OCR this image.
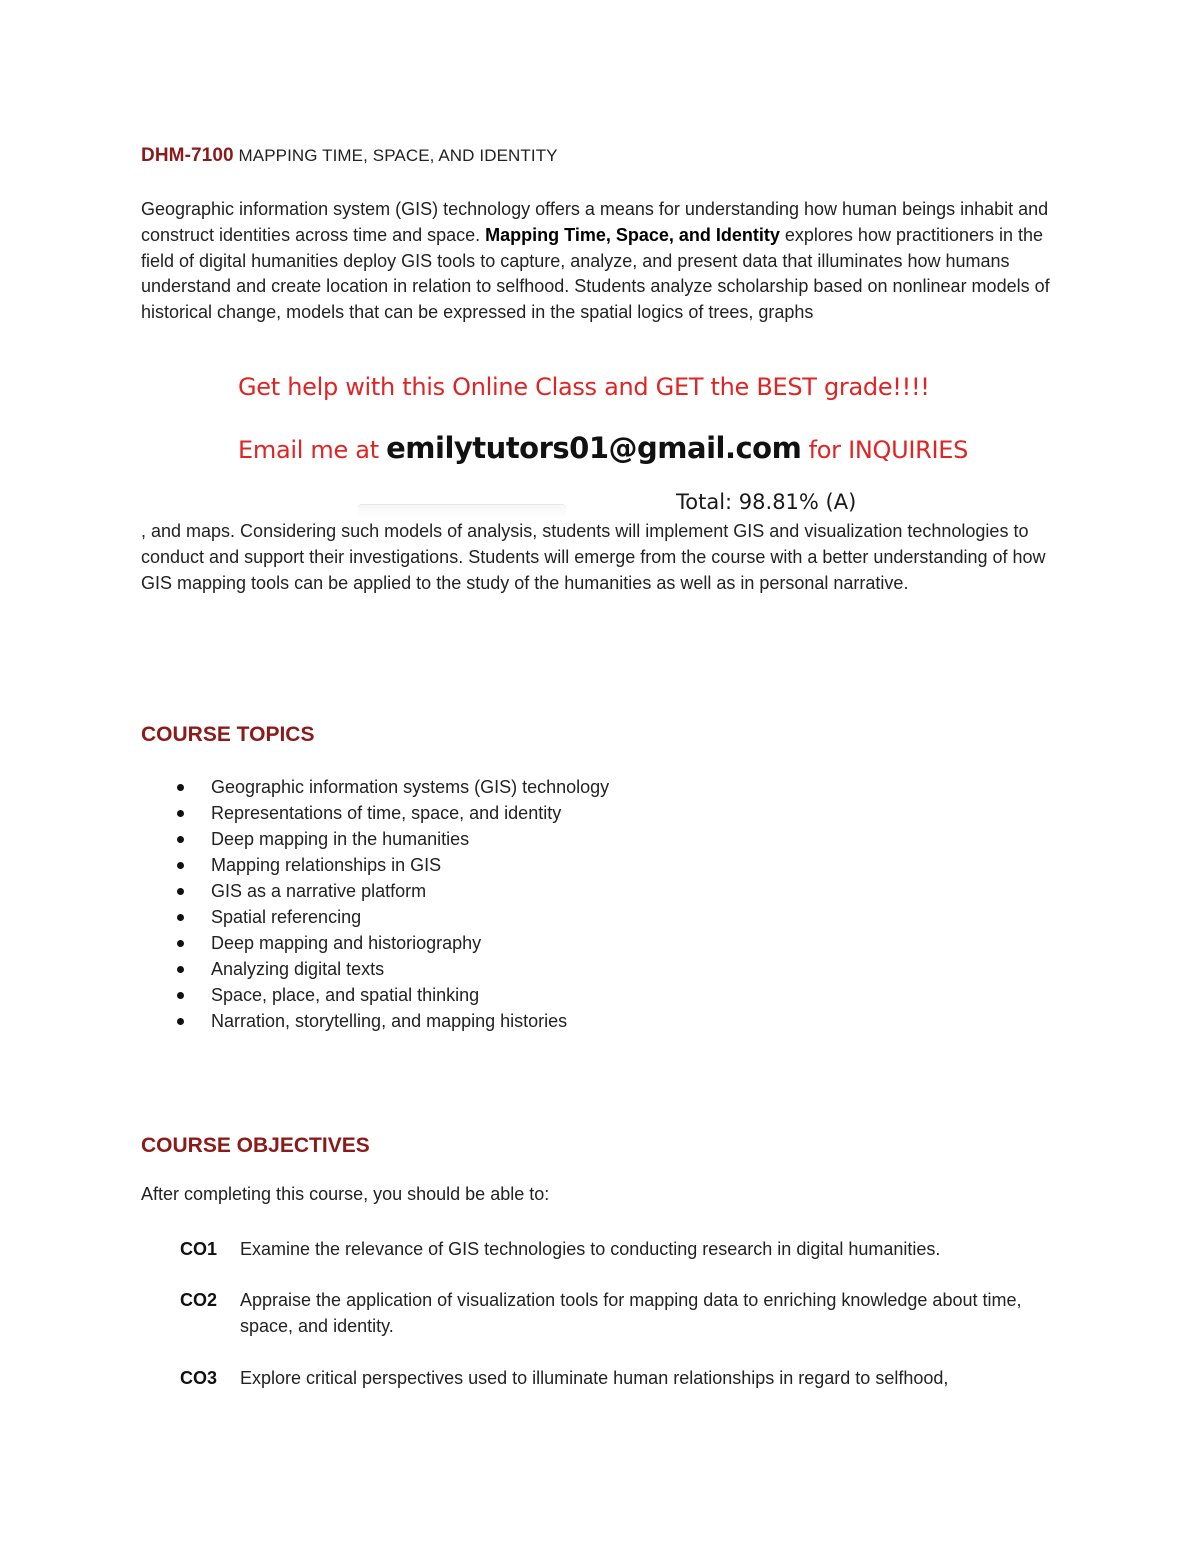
DHM-7100 MAPPING TIME, SPACE, AND IDENTITY
Geographic information system (GIS) technology offers a means for understanding how human beings inhabit and construct identities across time and space. Mapping Time, Space, and Identity explores how practitioners in the field of digital humanities deploy GIS tools to capture, analyze, and present data that illuminates how humans understand and create location in relation to selfhood. Students analyze scholarship based on nonlinear models of historical change, models that can be expressed in the spatial logics of trees, graphs
Get help with this Online Class and GET the BEST grade!!!!
Email me at emilytutors01@gmail.com for INQUIRIES
Total: 98.81% (A)
, and maps. Considering such models of analysis, students will implement GIS and visualization technologies to conduct and support their investigations. Students will emerge from the course with a better understanding of how GIS mapping tools can be applied to the study of the humanities as well as in personal narrative.
COURSE TOPICS
Geographic information systems (GIS) technology
Representations of time, space, and identity
Deep mapping in the humanities
Mapping relationships in GIS
GIS as a narrative platform
Spatial referencing
Deep mapping and historiography
Analyzing digital texts
Space, place, and spatial thinking
Narration, storytelling, and mapping histories
COURSE OBJECTIVES
After completing this course, you should be able to:
CO1 Examine the relevance of GIS technologies to conducting research in digital humanities.
CO2 Appraise the application of visualization tools for mapping data to enriching knowledge about time, space, and identity.
CO3 Explore critical perspectives used to illuminate human relationships in regard to selfhood,
